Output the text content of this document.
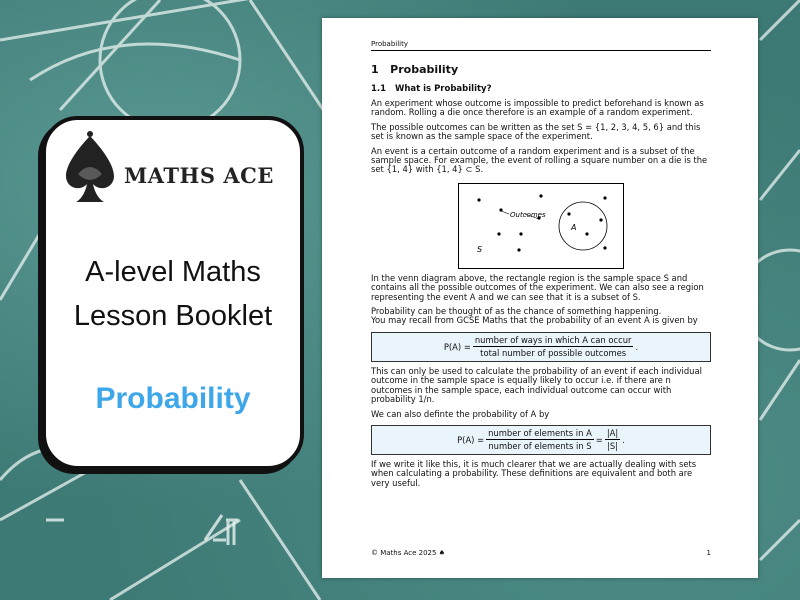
MATHS ACE
A-level Maths
Lesson Booklet
Probability
Probability
1 Probability
1.1 What is Probability?

An experiment whose outcome is impossible to predict beforehand is known as random. Rolling a die once therefore is an example of a random experiment.

The possible outcomes can be written as the set S = {1, 2, 3, 4, 5, 6} and this set is known as the sample space of the experiment.

An event is a certain outcome of a random experiment and is a subset of the sample space. For example, the event of rolling a square number on a die is the set {1, 4} with {1, 4} ⊂ S.

Outcomes
A
S

In the venn diagram above, the rectangle region is the sample space S and contains all the possible outcomes of the experiment. We can also see a region representing the event A and we can see that it is a subset of S.

Probability can be thought of as the chance of something happening.

You may recall from GCSE Maths that the probability of an event A is given by

$P(A) = \frac{\text{number of ways in which A can occur}}{\text{total number of possible outcomes}}$ .

This can only be used to calculate the probability of an event if each individual outcome in the sample space is equally likely to occur i.e. if there are n outcomes in the sample space, each individual outcome can occur with probability 1/n.

We can also definte the probability of A by

$P(A) = \frac{\text{number of elements in A}}{\text{number of elements in S}} = \frac{|A|}{|S|}$ .

If we write it like this, it is much clearer that we are actually dealing with sets when calculating a probability. These definitions are equivalent and both are very useful.

© Maths Ace 2025 ♠	1
